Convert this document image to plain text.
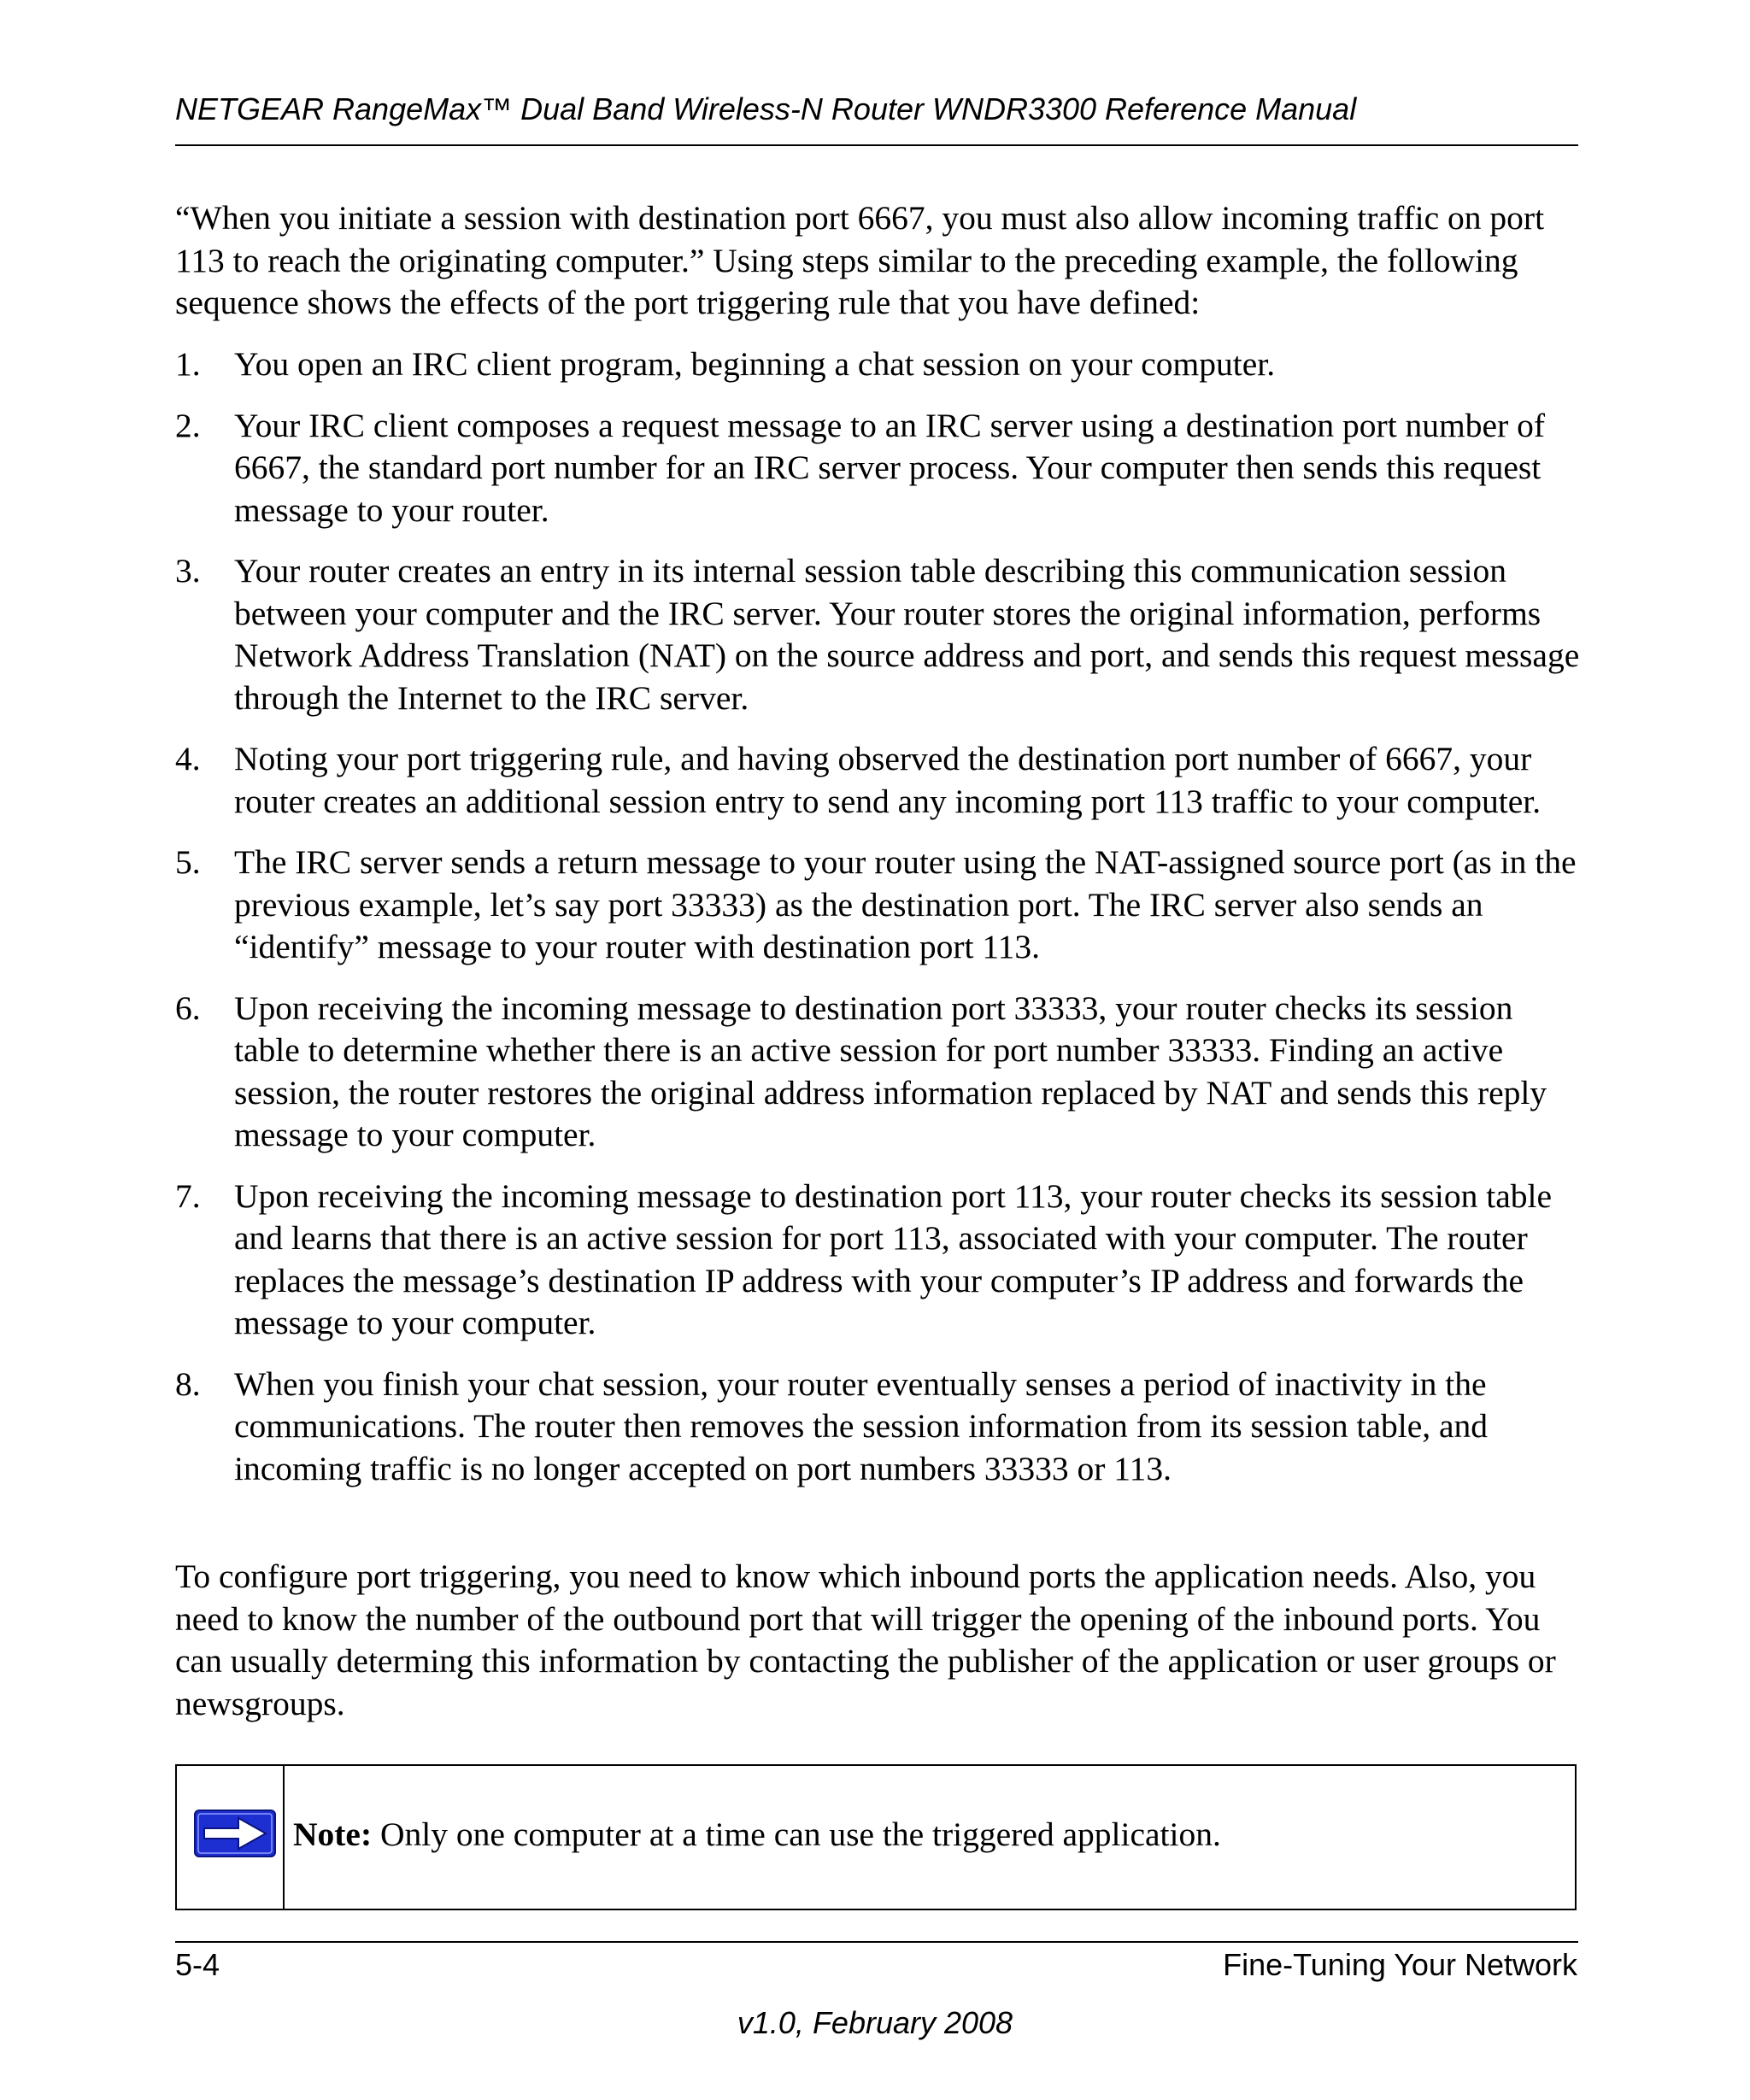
NETGEAR RangeMax™ Dual Band Wireless-N Router WNDR3300 Reference Manual
“When you initiate a session with destination port 6667, you must also allow incoming traffic on port 113 to reach the originating computer.” Using steps similar to the preceding example, the following sequence shows the effects of the port triggering rule that you have defined:
1. You open an IRC client program, beginning a chat session on your computer.
2. Your IRC client composes a request message to an IRC server using a destination port number of 6667, the standard port number for an IRC server process. Your computer then sends this request message to your router.
3. Your router creates an entry in its internal session table describing this communication session between your computer and the IRC server. Your router stores the original information, performs Network Address Translation (NAT) on the source address and port, and sends this request message through the Internet to the IRC server.
4. Noting your port triggering rule, and having observed the destination port number of 6667, your router creates an additional session entry to send any incoming port 113 traffic to your computer.
5. The IRC server sends a return message to your router using the NAT-assigned source port (as in the previous example, let’s say port 33333) as the destination port. The IRC server also sends an “identify” message to your router with destination port 113.
6. Upon receiving the incoming message to destination port 33333, your router checks its session table to determine whether there is an active session for port number 33333. Finding an active session, the router restores the original address information replaced by NAT and sends this reply message to your computer.
7. Upon receiving the incoming message to destination port 113, your router checks its session table and learns that there is an active session for port 113, associated with your computer. The router replaces the message’s destination IP address with your computer’s IP address and forwards the message to your computer.
8. When you finish your chat session, your router eventually senses a period of inactivity in the communications. The router then removes the session information from its session table, and incoming traffic is no longer accepted on port numbers 33333 or 113.
To configure port triggering, you need to know which inbound ports the application needs. Also, you need to know the number of the outbound port that will trigger the opening of the inbound ports. You can usually determing this information by contacting the publisher of the application or user groups or newsgroups.
Note: Only one computer at a time can use the triggered application.
5-4	Fine-Tuning Your Network
v1.0, February 2008
